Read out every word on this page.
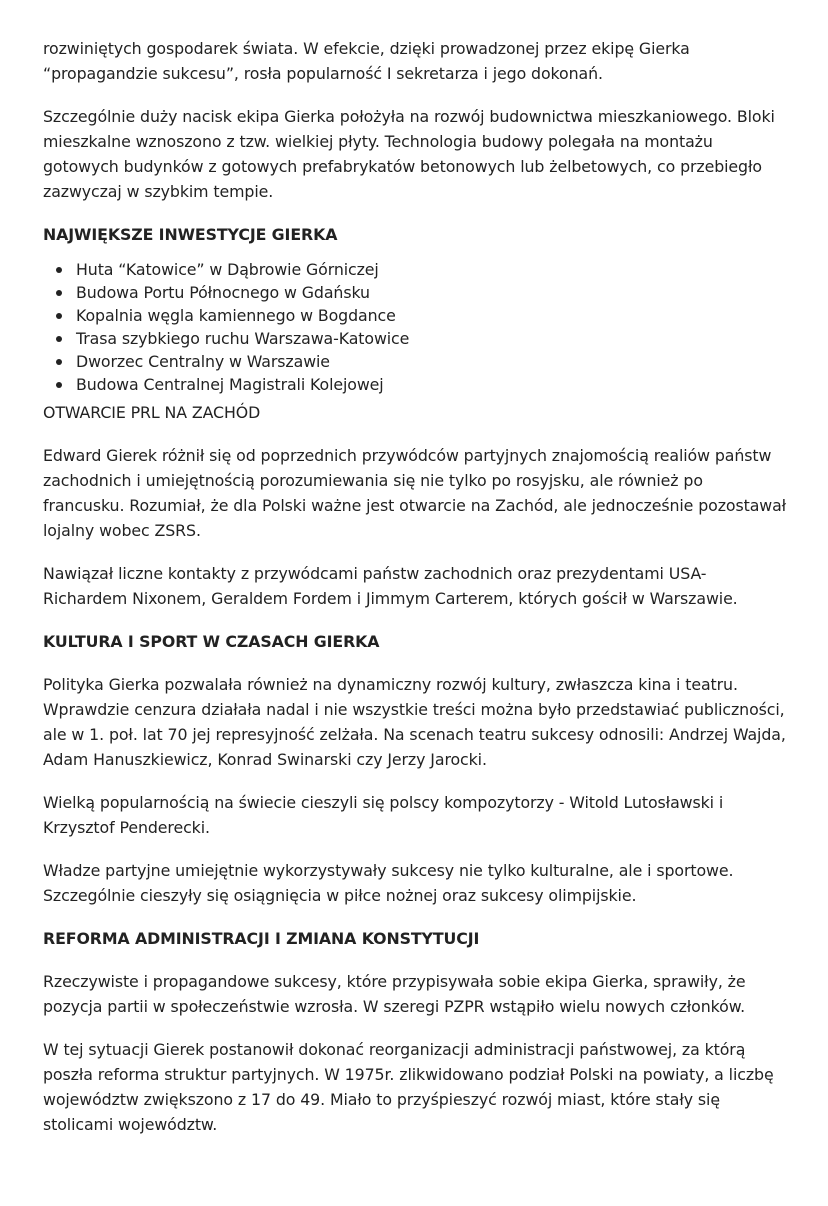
rozwiniętych gospodarek świata. W efekcie, dzięki prowadzonej przez ekipę Gierka “propagandzie sukcesu”, rosła popularność I sekretarza i jego dokonań.

Szczególnie duży nacisk ekipa Gierka położyła na rozwój budownictwa mieszkaniowego. Bloki mieszkalne wznoszono z tzw. wielkiej płyty. Technologia budowy polegała na montażu gotowych budynków z gotowych prefabrykatów betonowych lub żelbetowych, co przebiegło zazwyczaj w szybkim tempie.

NAJWIĘKSZE INWESTYCJE GIERKA
Huta “Katowice” w Dąbrowie Górniczej
Budowa Portu Północnego w Gdańsku
Kopalnia węgla kamiennego w Bogdance
Trasa szybkiego ruchu Warszawa-Katowice
Dworzec Centralny w Warszawie
Budowa Centralnej Magistrali Kolejowej
OTWARCIE PRL NA ZACHÓD

Edward Gierek różnił się od poprzednich przywódców partyjnych znajomością realiów państw zachodnich i umiejętnością porozumiewania się nie tylko po rosyjsku, ale również po francusku. Rozumiał, że dla Polski ważne jest otwarcie na Zachód, ale jednocześnie pozostawał lojalny wobec ZSRS.

Nawiązał liczne kontakty z przywódcami państw zachodnich oraz prezydentami USA- Richardem Nixonem, Geraldem Fordem i Jimmym Carterem, których gościł w Warszawie.

KULTURA I SPORT W CZASACH GIERKA

Polityka Gierka pozwalała również na dynamiczny rozwój kultury, zwłaszcza kina i teatru. Wprawdzie cenzura działała nadal i nie wszystkie treści można było przedstawiać publiczności, ale w 1. poł. lat 70 jej represyjność zelżała. Na scenach teatru sukcesy odnosili: Andrzej Wajda, Adam Hanuszkiewicz, Konrad Swinarski czy Jerzy Jarocki.

Wielką popularnością na świecie cieszyli się polscy kompozytorzy - Witold Lutosławski i Krzysztof Penderecki.

Władze partyjne umiejętnie wykorzystywały sukcesy nie tylko kulturalne, ale i sportowe. Szczególnie cieszyły się osiągnięcia w piłce nożnej oraz sukcesy olimpijskie.

REFORMA ADMINISTRACJI I ZMIANA KONSTYTUCJI

Rzeczywiste i propagandowe sukcesy, które przypisywała sobie ekipa Gierka, sprawiły, że pozycja partii w społeczeństwie wzrosła. W szeregi PZPR wstąpiło wielu nowych członków.

W tej sytuacji Gierek postanowił dokonać reorganizacji administracji państwowej, za którą poszła reforma struktur partyjnych. W 1975r. zlikwidowano podział Polski na powiaty, a liczbę województw zwiększono z 17 do 49. Miało to przyśpieszyć rozwój miast, które stały się stolicami województw.
